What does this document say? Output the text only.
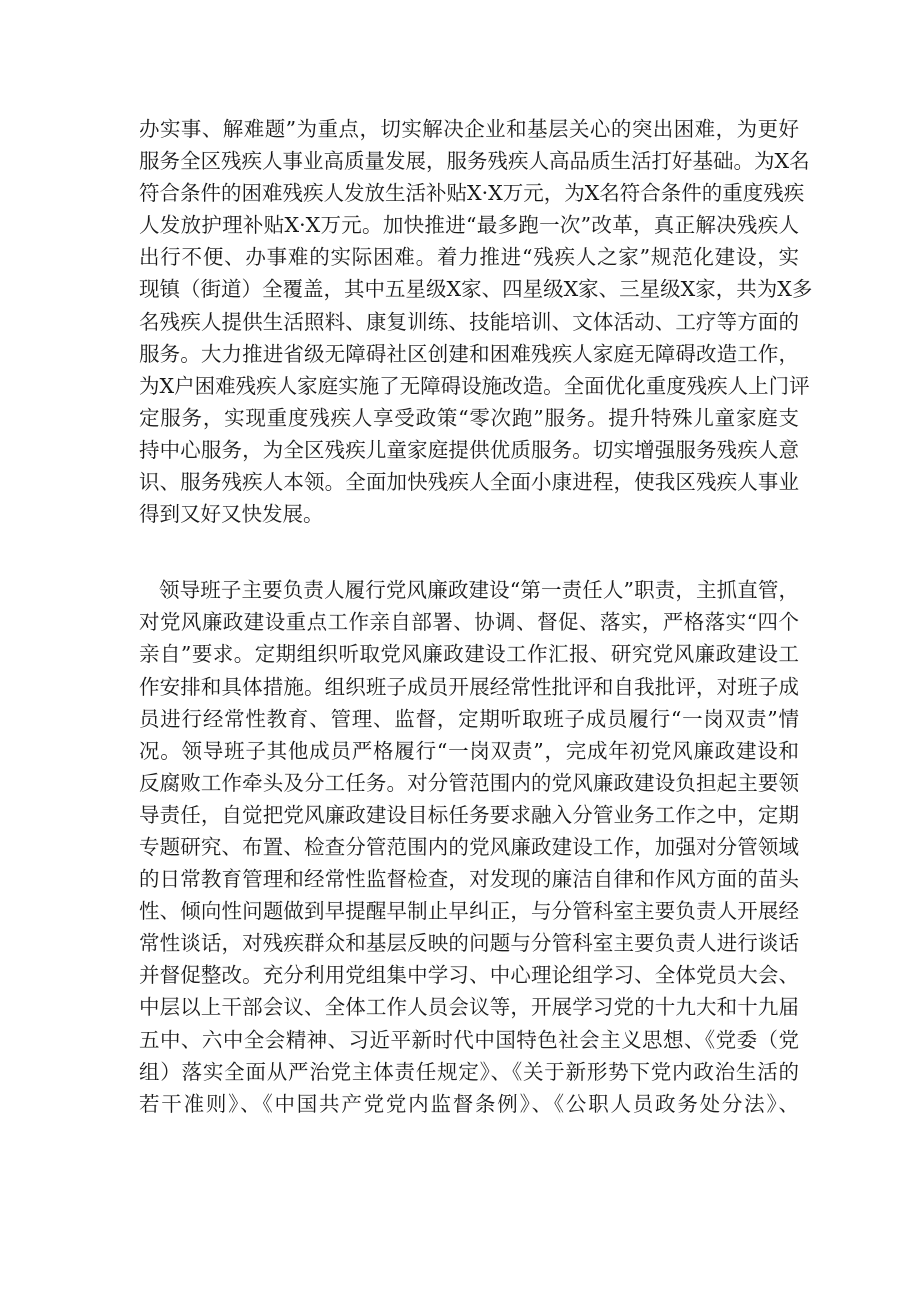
办实事、解难题”为重点，切实解决企业和基层关心的突出困难，为更好
服务全区残疾人事业高质量发展，服务残疾人高品质生活打好基础。为X名
符合条件的困难残疾人发放生活补贴X·X万元，为X名符合条件的重度残疾
人发放护理补贴X·X万元。加快推进“最多跑一次”改革，真正解决残疾人
出行不便、办事难的实际困难。着力推进“残疾人之家”规范化建设，实
现镇（街道）全覆盖，其中五星级X家、四星级X家、三星级X家，共为X多
名残疾人提供生活照料、康复训练、技能培训、文体活动、工疗等方面的
服务。大力推进省级无障碍社区创建和困难残疾人家庭无障碍改造工作，
为X户困难残疾人家庭实施了无障碍设施改造。全面优化重度残疾人上门评
定服务，实现重度残疾人享受政策“零次跑”服务。提升特殊儿童家庭支
持中心服务，为全区残疾儿童家庭提供优质服务。切实增强服务残疾人意
识、服务残疾人本领。全面加快残疾人全面小康进程，使我区残疾人事业
得到又好又快发展。
领导班子主要负责人履行党风廉政建设“第一责任人”职责，主抓直管，
对党风廉政建设重点工作亲自部署、协调、督促、落实，严格落实“四个
亲自”要求。定期组织听取党风廉政建设工作汇报、研究党风廉政建设工
作安排和具体措施。组织班子成员开展经常性批评和自我批评，对班子成
员进行经常性教育、管理、监督，定期听取班子成员履行“一岗双责”情
况。领导班子其他成员严格履行“一岗双责”，完成年初党风廉政建设和
反腐败工作牵头及分工任务。对分管范围内的党风廉政建设负担起主要领
导责任，自觉把党风廉政建设目标任务要求融入分管业务工作之中，定期
专题研究、布置、检查分管范围内的党风廉政建设工作，加强对分管领域
的日常教育管理和经常性监督检查，对发现的廉洁自律和作风方面的苗头
性、倾向性问题做到早提醒早制止早纠正，与分管科室主要负责人开展经
常性谈话，对残疾群众和基层反映的问题与分管科室主要负责人进行谈话
并督促整改。充分利用党组集中学习、中心理论组学习、全体党员大会、
中层以上干部会议、全体工作人员会议等，开展学习党的十九大和十九届
五中、六中全会精神、习近平新时代中国特色社会主义思想、《党委（党
组）落实全面从严治党主体责任规定》、《关于新形势下党内政治生活的
若干准则》、《中国共产党党内监督条例》、《公职人员政务处分法》、
